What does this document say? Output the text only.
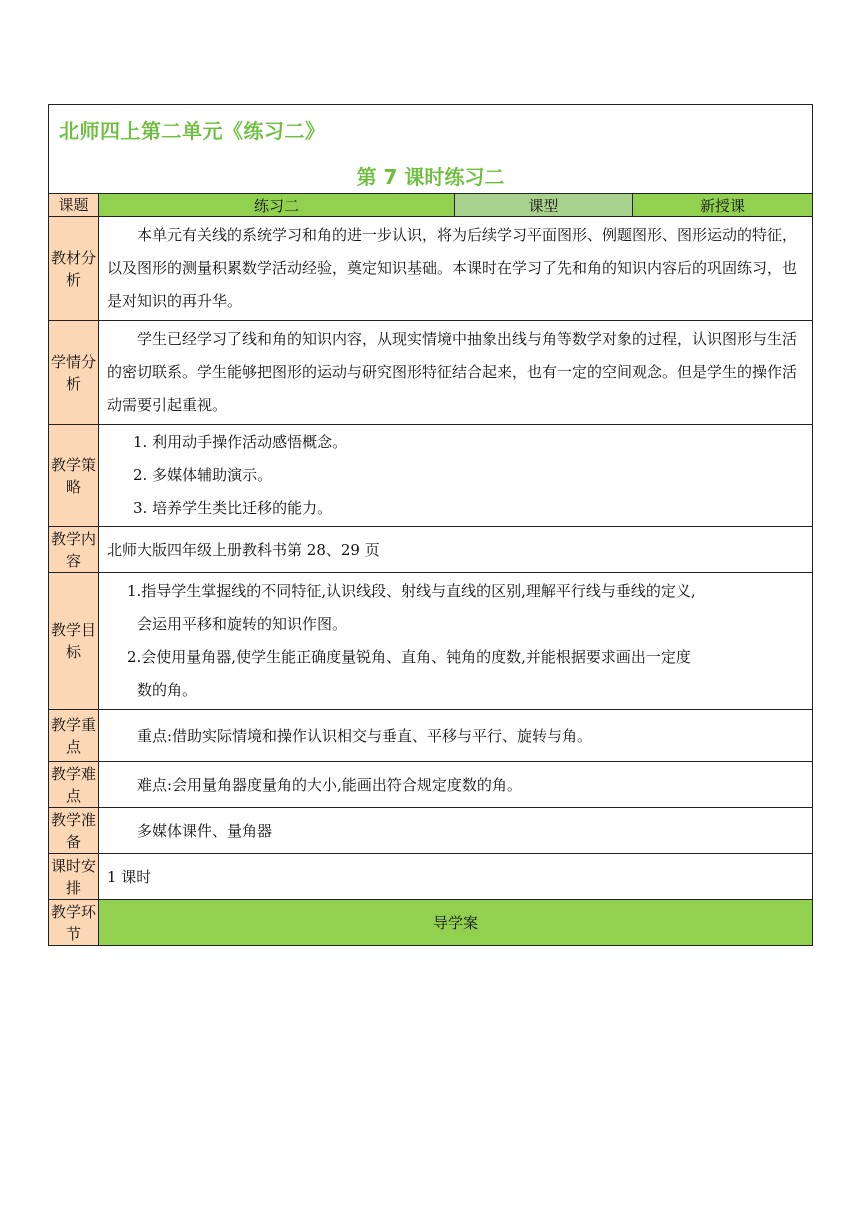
北师四上第二单元《练习二》
第 7 课时练习二			

课题	练习二	课型	新授课
教材分析	本单元有关线的系统学习和角的进一步认识，将为后续学习平面图形、例题图形、图形运动的特征，以及图形的测量积累数学活动经验，奠定知识基础。本课时在学习了先和角的知识内容后的巩固练习，也是对知识的再升华。		
学情分析	学生已经学习了线和角的知识内容，从现实情境中抽象出线与角等数学对象的过程，认识图形与生活的密切联系。学生能够把图形的运动与研究图形特征结合起来，也有一定的空间观念。但是学生的操作活动需要引起重视。		
教学策略	1. 利用动手操作活动感悟概念。
2. 多媒体辅助演示。
3. 培养学生类比迁移的能力。		

教学内容	北师大版四年级上册教科书第 28、29 页		
教学目标	1.指导学生掌握线的不同特征,认识线段、射线与直线的区别,理解平行线与垂线的定义,

会运用平移和旋转的知识作图。

2.会使用量角器,使学生能正确度量锐角、直角、钝角的度数,并能根据要求画出一定度

数的角。		

教学重点	重点:借助实际情境和操作认识相交与垂直、平移与平行、旋转与角。		
教学难点	难点:会用量角器度量角的大小,能画出符合规定度数的角。		
教学准备	多媒体课件、量角器		
课时安排	1 课时		
教学环节	导学案		
